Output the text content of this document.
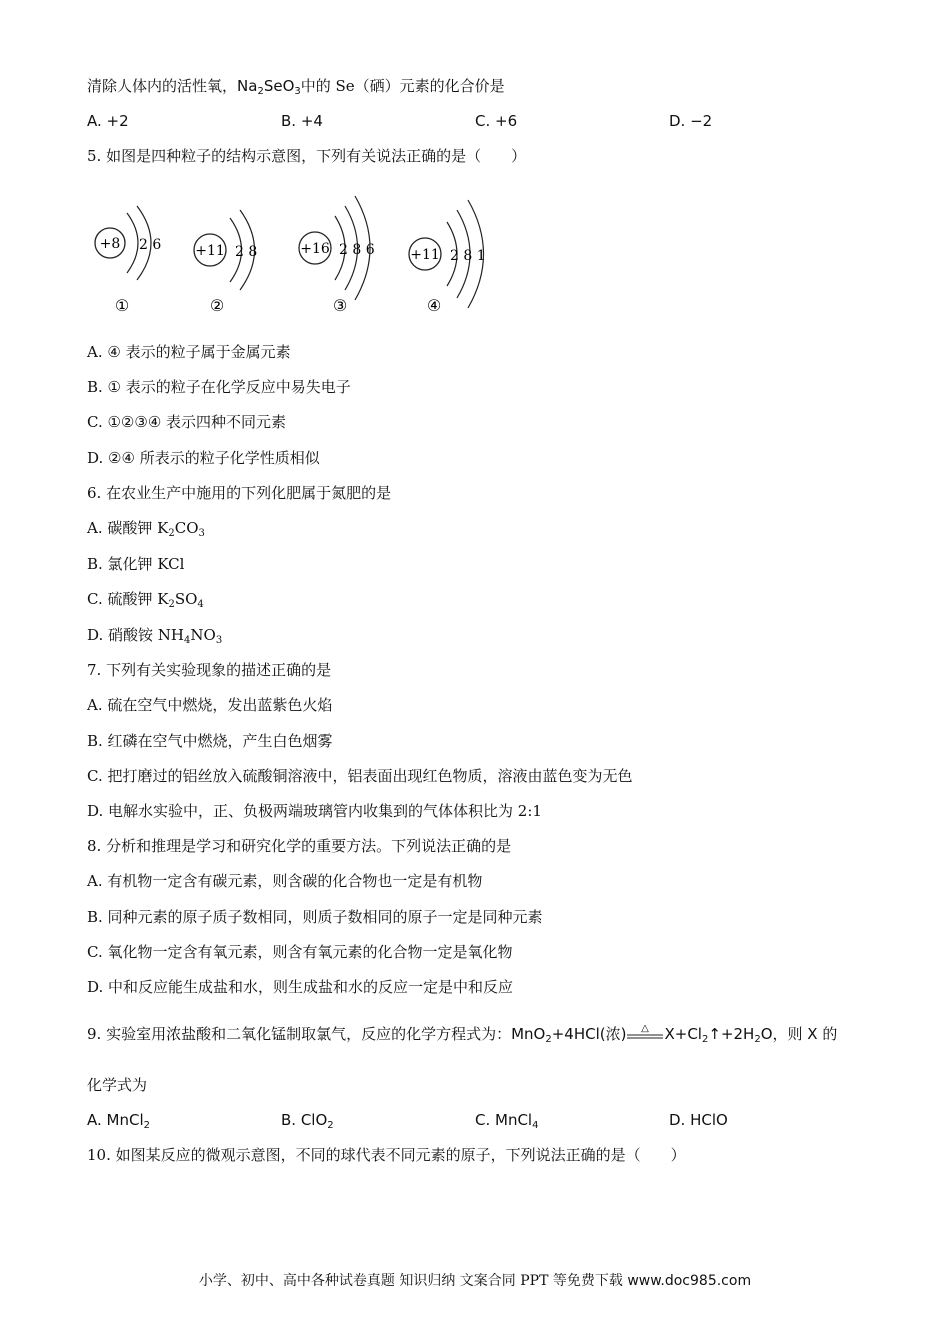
清除人体内的活性氧，$Na_2SeO_3$中的 Se（硒）元素的化合价是
A. +2	B. +4	C. +6	D. −2
5. 如图是四种粒子的结构示意图，下列有关说法正确的是（　　）
+8 2 6
①
+11 2 8
②
+16 2 8 6
③
+11 2 8 1
④
A. ④ 表示的粒子属于金属元素
B. ① 表示的粒子在化学反应中易失电子
C. ①②③④ 表示四种不同元素
D. ②④ 所表示的粒子化学性质相似
6. 在农业生产中施用的下列化肥属于氮肥的是
A. 碳酸钾 $K_2CO_3$
B. 氯化钾 KCl
C. 硫酸钾 $K_2SO_4$
D. 硝酸铵 $NH_4NO_3$
7. 下列有关实验现象的描述正确的是
A. 硫在空气中燃烧，发出蓝紫色火焰
B. 红磷在空气中燃烧，产生白色烟雾
C. 把打磨过的铝丝放入硫酸铜溶液中，铝表面出现红色物质，溶液由蓝色变为无色
D. 电解水实验中，正、负极两端玻璃管内收集到的气体体积比为 2:1
8. 分析和推理是学习和研究化学的重要方法。下列说法正确的是
A. 有机物一定含有碳元素，则含碳的化合物也一定是有机物
B. 同种元素的原子质子数相同，则质子数相同的原子一定是同种元素
C. 氧化物一定含有氧元素，则含有氧元素的化合物一定是氧化物
D. 中和反应能生成盐和水，则生成盐和水的反应一定是中和反应
9. 实验室用浓盐酸和二氧化锰制取氯气，反应的化学方程式为：MnO$_2$+4HCl(浓) △ $X+Cl_2↑+2H_2O$，则 X 的
化学式为
A. MnCl$_2$	B. ClO$_2$	C. MnCl$_4$	D. HClO
10. 如图某反应的微观示意图，不同的球代表不同元素的原子，下列说法正确的是（　　）
小学、初中、高中各种试卷真题 知识归纳 文案合同 PPT 等免费下载 www.doc985.com
